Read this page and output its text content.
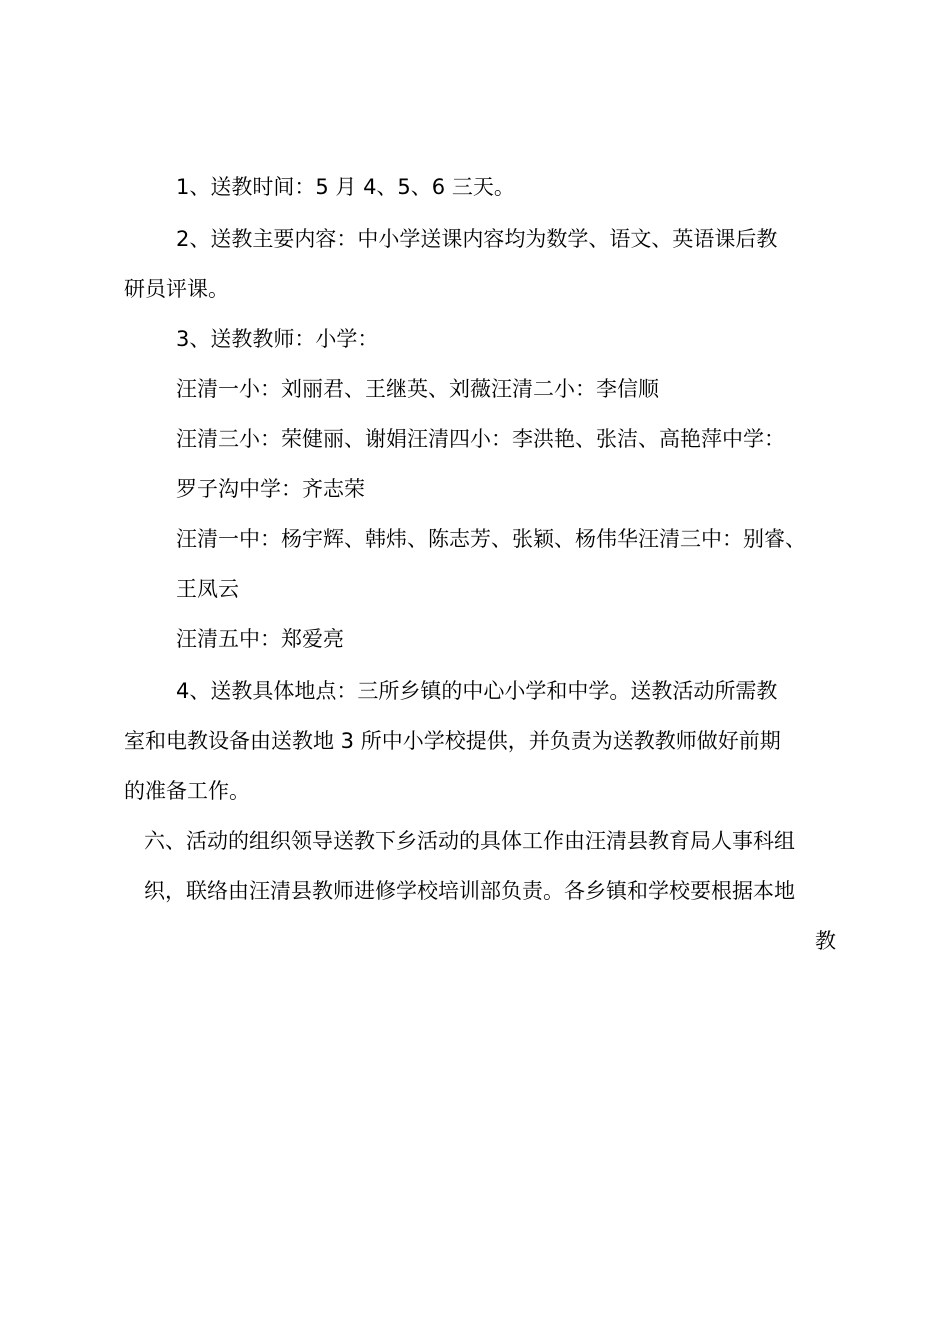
1、送教时间：5 月 4、5、6 三天。
2、送教主要内容：中小学送课内容均为数学、语文、英语课后教
研员评课。
3、送教教师：小学：
汪清一小：刘丽君、王继英、刘薇汪清二小：李信顺
汪清三小：荣健丽、谢娟汪清四小：李洪艳、张洁、高艳萍中学：
罗子沟中学：齐志荣
汪清一中：杨宇辉、韩炜、陈志芳、张颖、杨伟华汪清三中：别睿、
王凤云
汪清五中：郑爱亮
4、送教具体地点：三所乡镇的中心小学和中学。送教活动所需教
室和电教设备由送教地 3 所中小学校提供，并负责为送教教师做好前期
的准备工作。
六、活动的组织领导送教下乡活动的具体工作由汪清县教育局人事科组
织，联络由汪清县教师进修学校培训部负责。各乡镇和学校要根据本地
教
